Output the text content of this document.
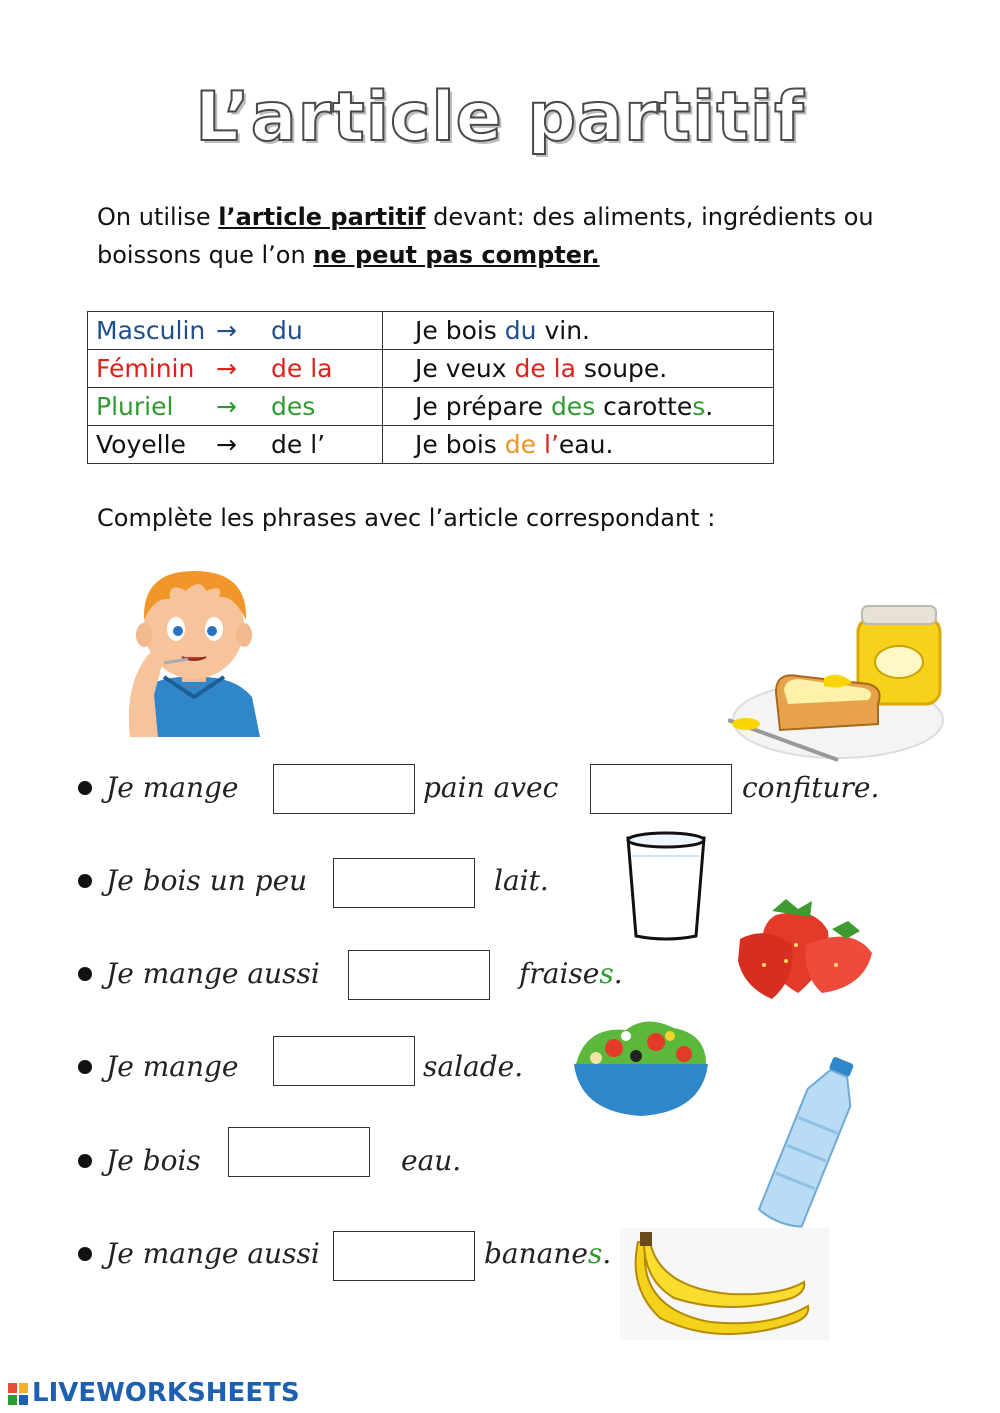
L’article partitif
On utilise l’article partitif devant: des aliments, ingrédients ou boissons que l’on ne peut pas compter.
Masculin → du	Je bois du vin.
Féminin → de la	Je veux de la soupe.
Pluriel → des	Je prépare des carottes.
Voyelle → de l’	Je bois de l’eau.
Complète les phrases avec l’article correspondant :
Je mange	pain avec	confiture.
Je bois un peu	lait.
Je mange aussi	fraises.
Je mange	salade.
Je bois	eau.
Je mange aussi	bananes.
LIVEWORKSHEETS
